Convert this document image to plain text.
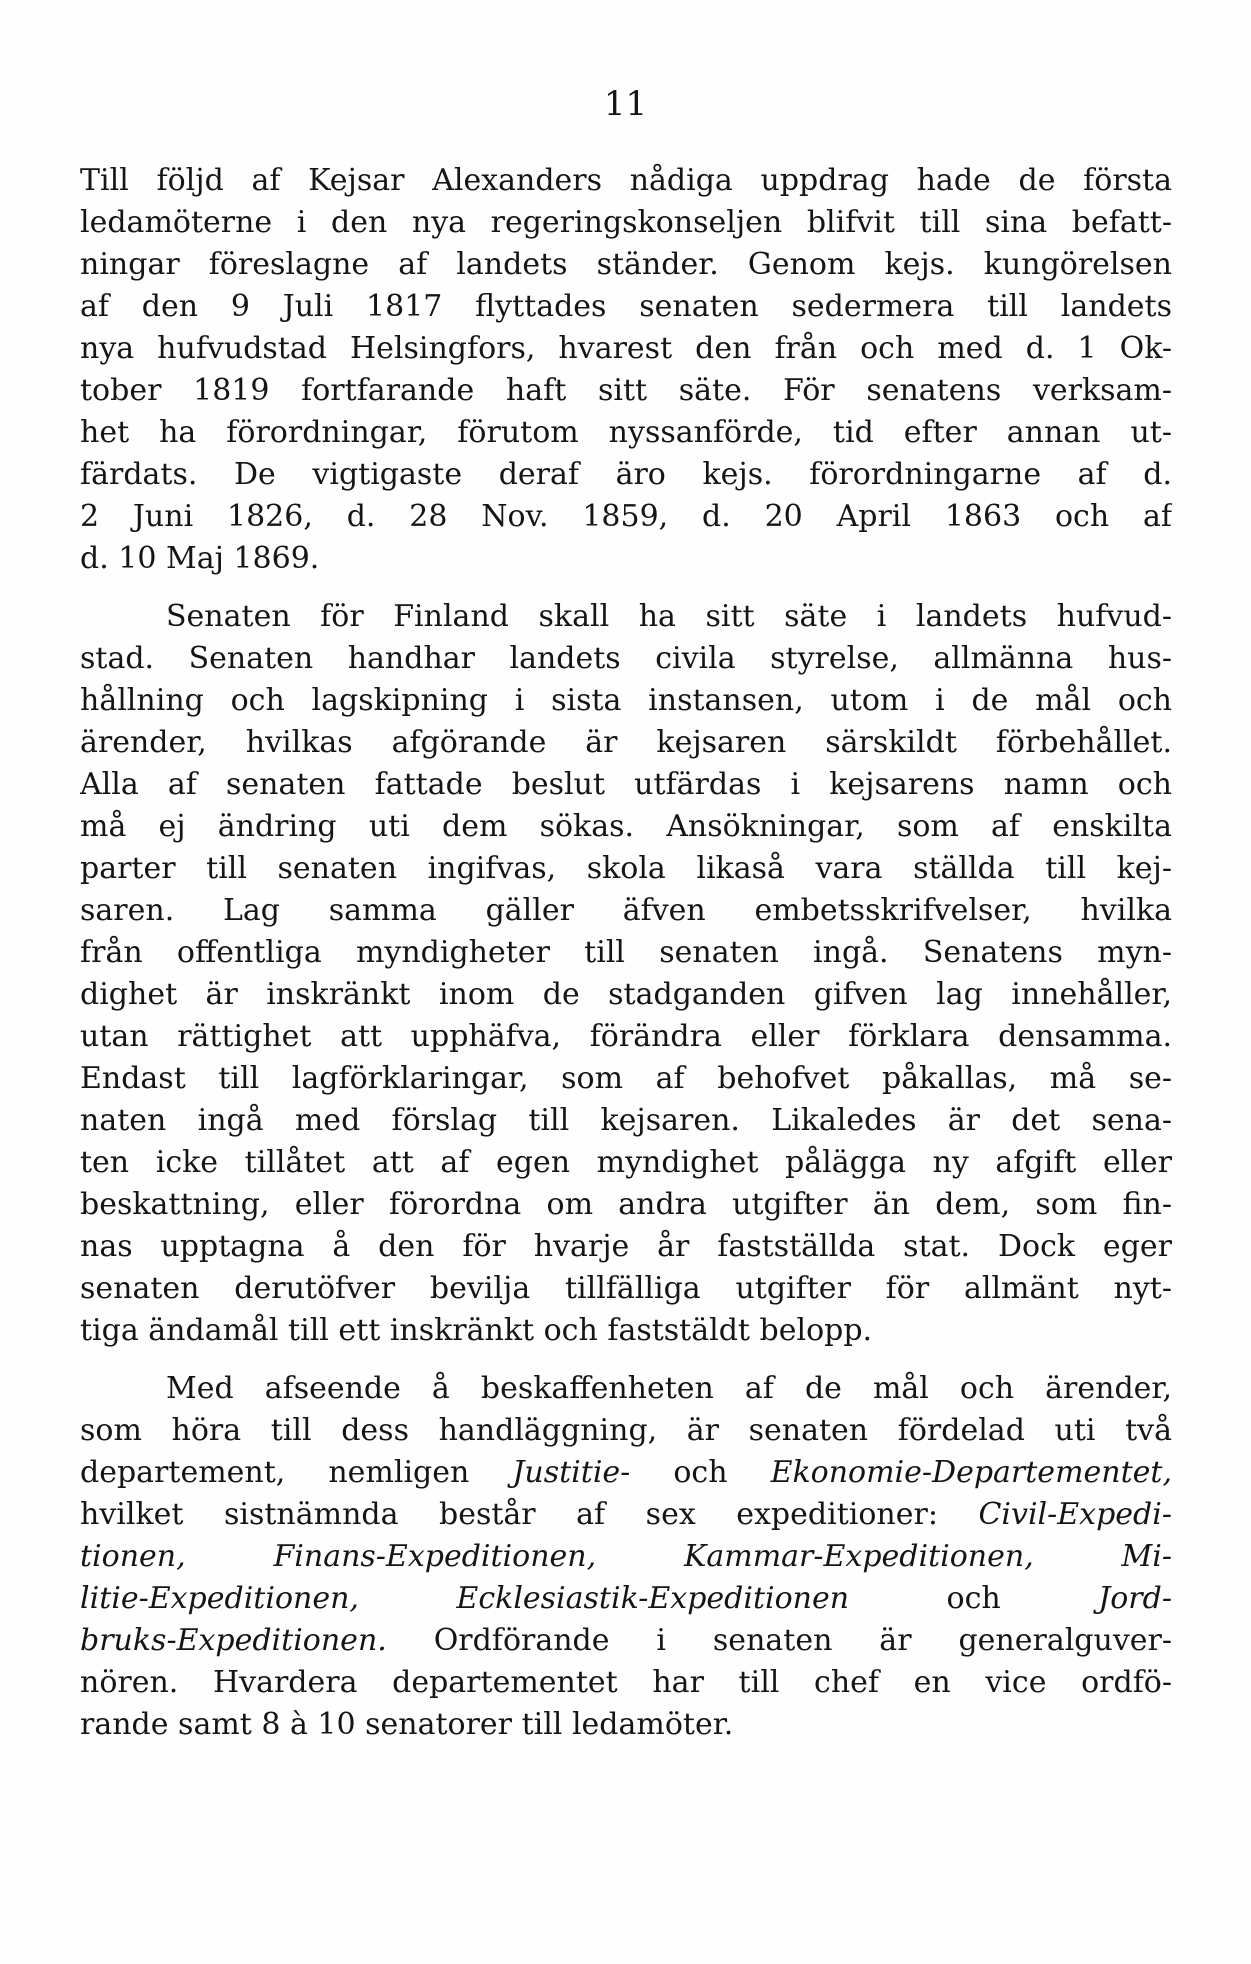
11
Till följd af Kejsar Alexanders nådiga uppdrag hade de första
ledamöterne i den nya regeringskonseljen blifvit till sina befatt-
ningar föreslagne af landets ständer. Genom kejs. kungörelsen
af den 9 Juli 1817 flyttades senaten sedermera till landets
nya hufvudstad Helsingfors, hvarest den från och med d. 1 Ok-
tober 1819 fortfarande haft sitt säte. För senatens verksam-
het ha förordningar, förutom nyssanförde, tid efter annan ut-
färdats. De vigtigaste deraf äro kejs. förordningarne af d.
2 Juni 1826, d. 28 Nov. 1859, d. 20 April 1863 och af
d. 10 Maj 1869.
Senaten för Finland skall ha sitt säte i landets hufvud-
stad. Senaten handhar landets civila styrelse, allmänna hus-
hållning och lagskipning i sista instansen, utom i de mål och
ärender, hvilkas afgörande är kejsaren särskildt förbehållet.
Alla af senaten fattade beslut utfärdas i kejsarens namn och
må ej ändring uti dem sökas. Ansökningar, som af enskilta
parter till senaten ingifvas, skola likaså vara ställda till kej-
saren. Lag samma gäller äfven embetsskrifvelser, hvilka
från offentliga myndigheter till senaten ingå. Senatens myn-
dighet är inskränkt inom de stadganden gifven lag innehåller,
utan rättighet att upphäfva, förändra eller förklara densamma.
Endast till lagförklaringar, som af behofvet påkallas, må se-
naten ingå med förslag till kejsaren. Likaledes är det sena-
ten icke tillåtet att af egen myndighet pålägga ny afgift eller
beskattning, eller förordna om andra utgifter än dem, som fin-
nas upptagna å den för hvarje år fastställda stat. Dock eger
senaten derutöfver bevilja tillfälliga utgifter för allmänt nyt-
tiga ändamål till ett inskränkt och faststäldt belopp.
Med afseende å beskaffenheten af de mål och ärender,
som höra till dess handläggning, är senaten fördelad uti två
departement, nemligen Justitie- och Ekonomie-Departementet,
hvilket sistnämnda består af sex expeditioner: Civil-Expedi-
tionen, Finans-Expeditionen, Kammar-Expeditionen, Mi-
litie-Expeditionen, Ecklesiastik-Expeditionen och Jord-
bruks-Expeditionen. Ordförande i senaten är generalguver-
nören. Hvardera departementet har till chef en vice ordfö-
rande samt 8 à 10 senatorer till ledamöter.
